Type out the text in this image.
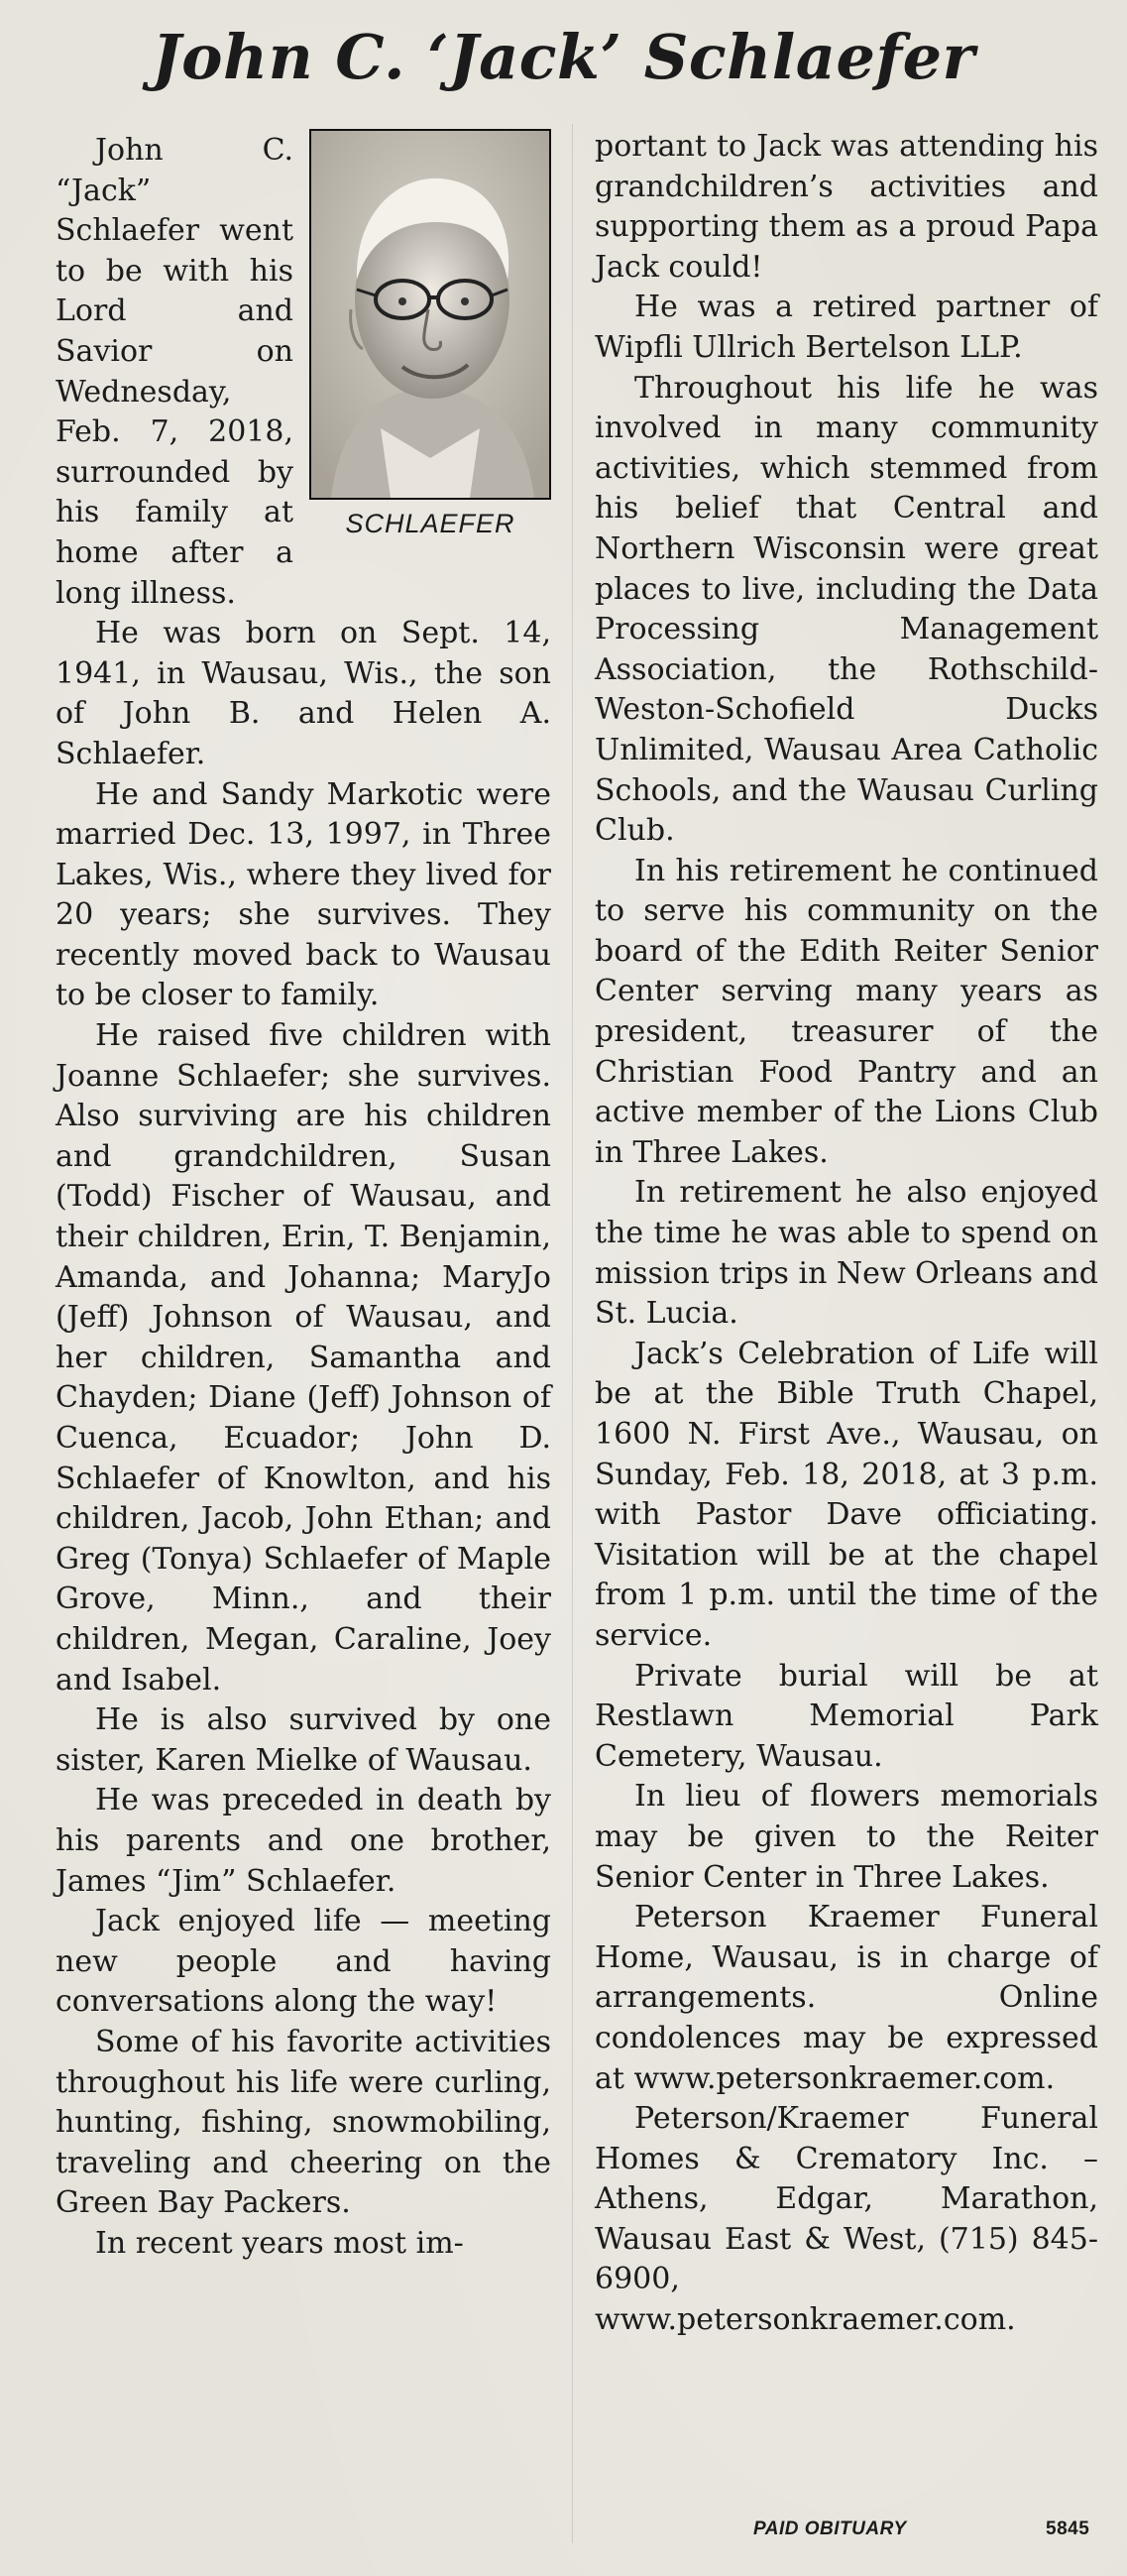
John C. ‘Jack’ Schlaefer
SCHLAEFER

John C. “Jack” Schlaefer went to be with his Lord and Savior on Wednesday, Feb. 7, 2018, surrounded by his family at home after a long illness.

He was born on Sept. 14, 1941, in Wausau, Wis., the son of John B. and Helen A. Schlaefer.

He and Sandy Markotic were married Dec. 13, 1997, in Three Lakes, Wis., where they lived for 20 years; she survives. They recently moved back to Wausau to be closer to family.

He raised five children with Joanne Schlaefer; she survives. Also surviving are his children and grandchildren, Susan (Todd) Fischer of Wausau, and their children, Erin, T. Benjamin, Amanda, and Johanna; MaryJo (Jeff) Johnson of Wausau, and her children, Samantha and Chayden; Diane (Jeff) Johnson of Cuenca, Ecuador; John D. Schlaefer of Knowlton, and his children, Jacob, John Ethan; and Greg (Tonya) Schlaefer of Maple Grove, Minn., and their children, Megan, Caraline, Joey and Isabel.

He is also survived by one sister, Karen Mielke of Wausau.

He was preceded in death by his parents and one brother, James “Jim” Schlaefer.

Jack enjoyed life — meeting new people and having conversations along the way!

Some of his favorite activities throughout his life were curling, hunting, fishing, snowmobiling, traveling and cheering on the Green Bay Packers.

In recent years most im-

portant to Jack was attending his grandchildren’s activities and supporting them as a proud Papa Jack could!

He was a retired partner of Wipfli Ullrich Bertelson LLP.

Throughout his life he was involved in many community activities, which stemmed from his belief that Central and Northern Wisconsin were great places to live, including the Data Processing Management Association, the Rothschild-Weston-Schofield Ducks Unlimited, Wausau Area Catholic Schools, and the Wausau Curling Club.

In his retirement he continued to serve his community on the board of the Edith Reiter Senior Center serving many years as president, treasurer of the Christian Food Pantry and an active member of the Lions Club in Three Lakes.

In retirement he also enjoyed the time he was able to spend on mission trips in New Orleans and St. Lucia.

Jack’s Celebration of Life will be at the Bible Truth Chapel, 1600 N. First Ave., Wausau, on Sunday, Feb. 18, 2018, at 3 p.m. with Pastor Dave officiating. Visitation will be at the chapel from 1 p.m. until the time of the service.

Private burial will be at Restlawn Memorial Park Cemetery, Wausau.

In lieu of flowers memorials may be given to the Reiter Senior Center in Three Lakes.

Peterson Kraemer Funeral Home, Wausau, is in charge of arrangements. Online condolences may be expressed at www.petersonkraemer.com.

Peterson/Kraemer Funeral Homes & Crematory Inc. – Athens, Edgar, Marathon, Wausau East & West, (715) 845-6900, www.petersonkraemer.com.

PAID OBITUARY	5845
